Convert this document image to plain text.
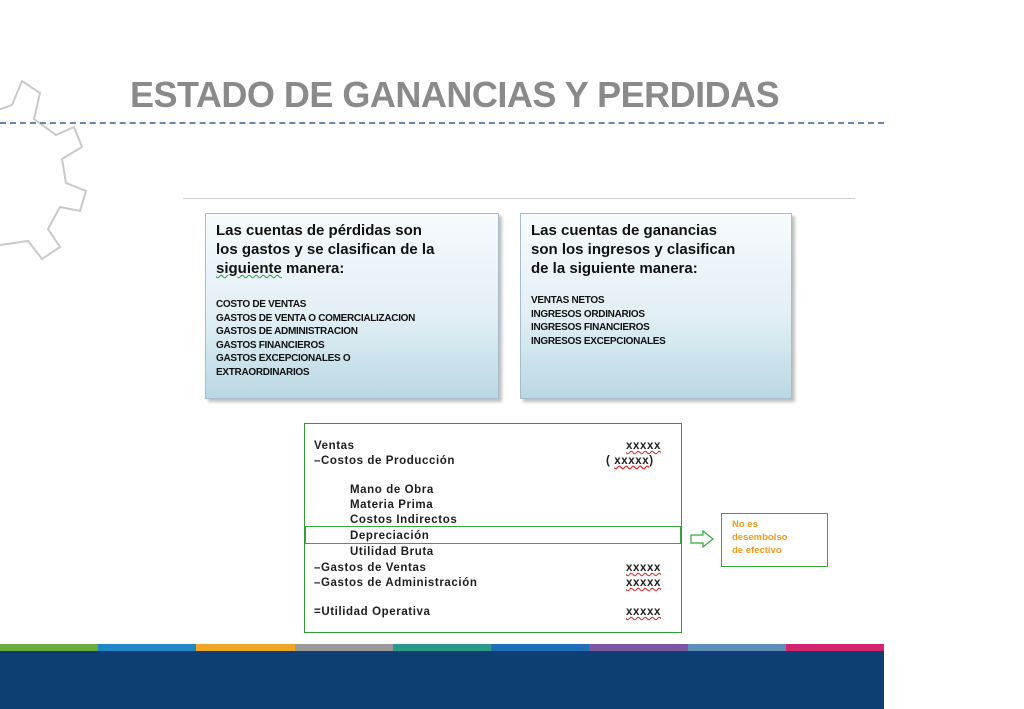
ESTADO DE GANANCIAS Y PERDIDAS
Las cuentas de pérdidas son
los gastos y se clasifican de la
siguiente manera:
COSTO DE VENTAS
GASTOS DE VENTA O COMERCIALIZACION
GASTOS DE ADMINISTRACION
GASTOS FINANCIEROS
GASTOS EXCEPCIONALES O
EXTRAORDINARIOS
Las cuentas de ganancias
son los ingresos y clasifican
de la siguiente manera:
VENTAS NETOS
INGRESOS ORDINARIOS
INGRESOS FINANCIEROS
INGRESOS EXCEPCIONALES
Ventas	xxxxx
–Costos de Producción	( xxxxx)
Mano de Obra
Materia Prima
Costos Indirectos
Depreciación
Utilidad Bruta
–Gastos de Ventas	xxxxx
–Gastos de Administración	xxxxx
=Utilidad Operativa	xxxxx
No es
desembolso
de efectivo
